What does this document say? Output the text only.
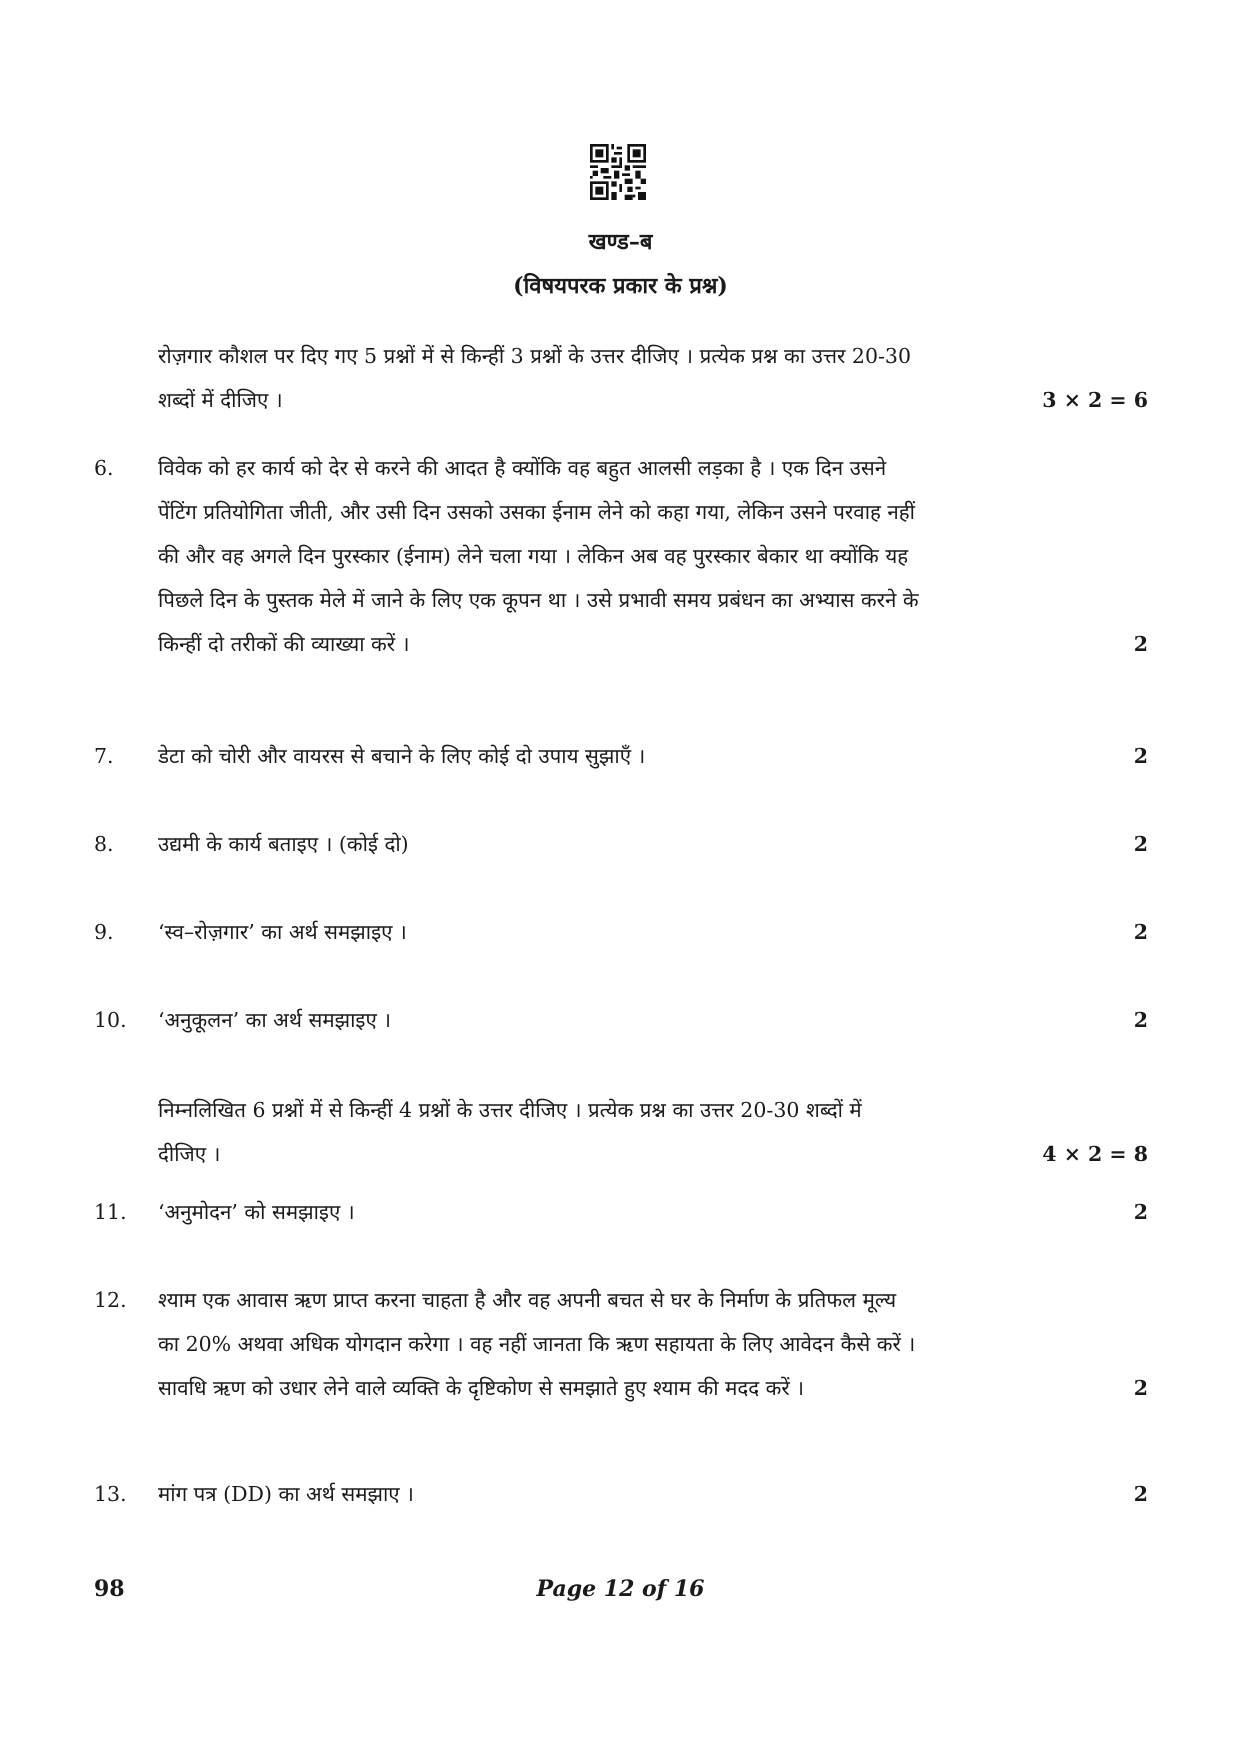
खण्ड–ब
(विषयपरक प्रकार के प्रश्न)
रोज़गार कौशल पर दिए गए 5 प्रश्नों में से किन्हीं 3 प्रश्नों के उत्तर दीजिए । प्रत्येक प्रश्न का उत्तर 20-30
शब्दों में दीजिए ।	3 × 2 = 6
6.	विवेक को हर कार्य को देर से करने की आदत है क्योंकि वह बहुत आलसी लड़का है । एक दिन उसने
पेंटिंग प्रतियोगिता जीती, और उसी दिन उसको उसका ईनाम लेने को कहा गया, लेकिन उसने परवाह नहीं
की और वह अगले दिन पुरस्कार (ईनाम) लेने चला गया । लेकिन अब वह पुरस्कार बेकार था क्योंकि यह
पिछले दिन के पुस्तक मेले में जाने के लिए एक कूपन था । उसे प्रभावी समय प्रबंधन का अभ्यास करने के
किन्हीं दो तरीकों की व्याख्या करें ।	2
7.	डेटा को चोरी और वायरस से बचाने के लिए कोई दो उपाय सुझाएँ ।	2
8.	उद्यमी के कार्य बताइए । (कोई दो)	2
9.	‘स्व–रोज़गार’ का अर्थ समझाइए ।	2
10.	‘अनुकूलन’ का अर्थ समझाइए ।	2
निम्नलिखित 6 प्रश्नों में से किन्हीं 4 प्रश्नों के उत्तर दीजिए । प्रत्येक प्रश्न का उत्तर 20-30 शब्दों में
दीजिए ।	4 × 2 = 8
11.	‘अनुमोदन’ को समझाइए ।	2
12.	श्याम एक आवास ऋण प्राप्त करना चाहता है और वह अपनी बचत से घर के निर्माण के प्रतिफल मूल्य
का 20% अथवा अधिक योगदान करेगा । वह नहीं जानता कि ऋण सहायता के लिए आवेदन कैसे करें ।
सावधि ऋण को उधार लेने वाले व्यक्ति के दृष्टिकोण से समझाते हुए श्याम की मदद करें ।	2
13.	मांग पत्र (DD) का अर्थ समझाए ।	2
98	Page 12 of 16
